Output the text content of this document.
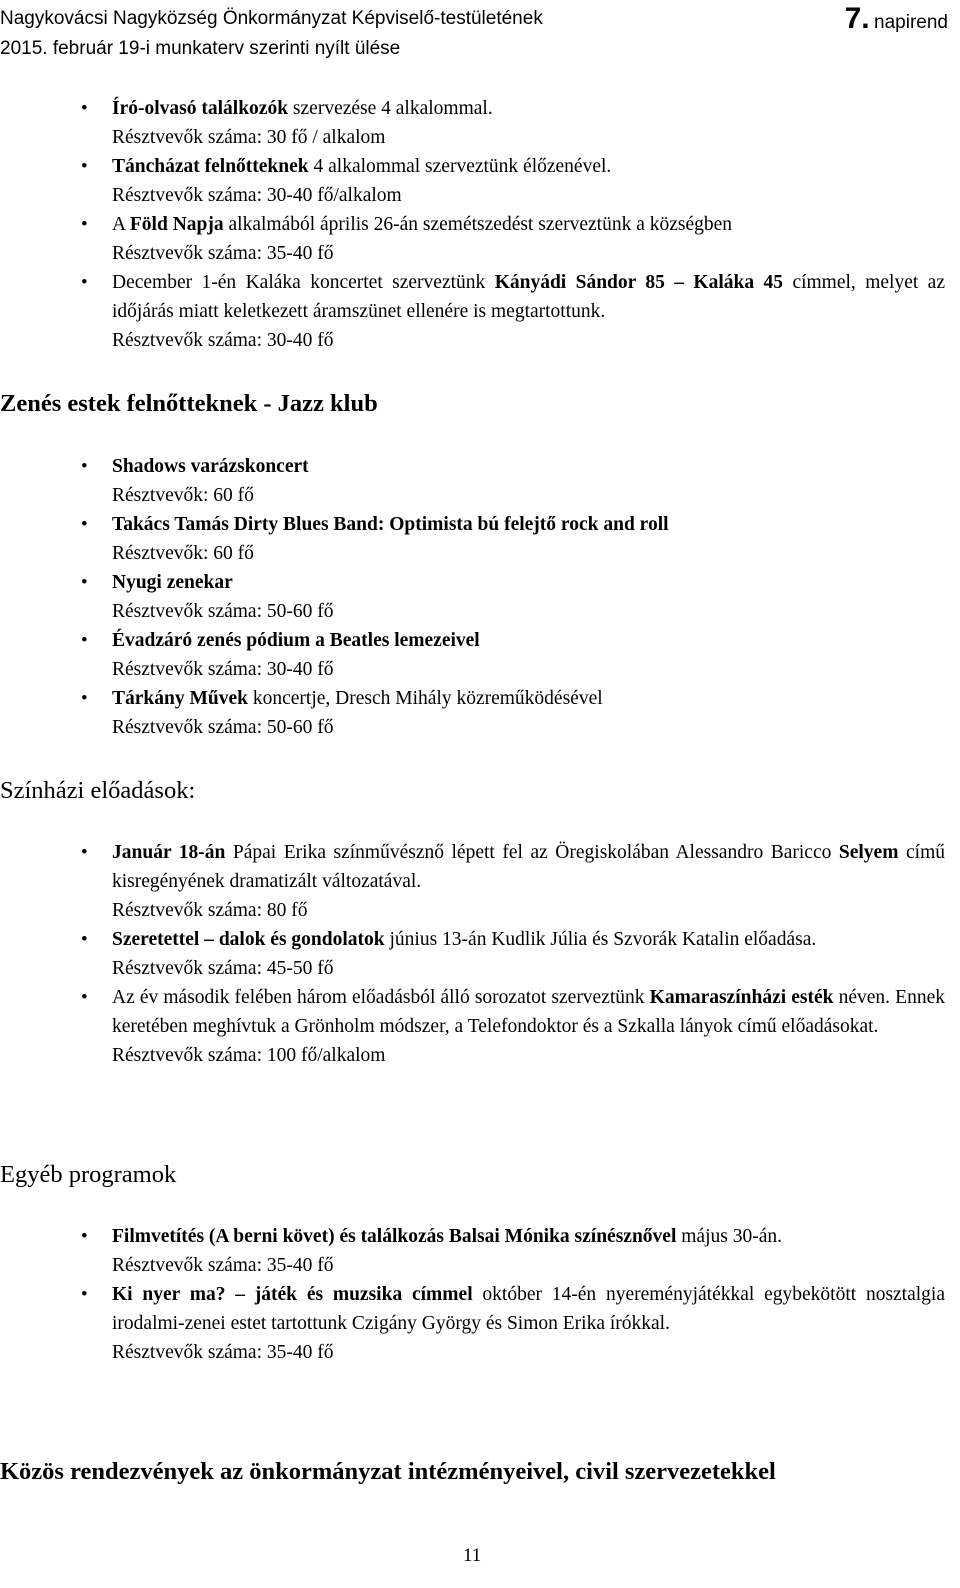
Nagykovácsi Nagyközség Önkormányzat Képviselő-testületének
2015. február 19-i munkaterv szerinti nyílt ülése
7. napirend
• Író-olvasó találkozók szervezése 4 alkalommal.
Résztvevők száma: 30 fő / alkalom
• Táncházat felnőtteknek 4 alkalommal szerveztünk élőzenével.
Résztvevők száma: 30-40 fő/alkalom
• A Föld Napja alkalmából április 26-án szemétszedést szerveztünk a községben
Résztvevők száma: 35-40 fő
• December 1-én Kaláka koncertet szerveztünk Kányádi Sándor 85 – Kaláka 45 címmel, melyet az időjárás miatt keletkezett áramszünet ellenére is megtartottunk.
Résztvevők száma: 30-40 fő
Zenés estek felnőtteknek - Jazz klub
• Shadows varázskoncert
Résztvevők: 60 fő
• Takács Tamás Dirty Blues Band: Optimista bú felejtő rock and roll
Résztvevők: 60 fő
• Nyugi zenekar
Résztvevők száma: 50-60 fő
• Évadzáró zenés pódium a Beatles lemezeivel
Résztvevők száma: 30-40 fő
• Tárkány Művek koncertje, Dresch Mihály közreműködésével
Résztvevők száma: 50-60 fő
Színházi előadások:
• Január 18-án Pápai Erika színművésznő lépett fel az Öregiskolában Alessandro Baricco Selyem című kisregényének dramatizált változatával.
Résztvevők száma: 80 fő
• Szeretettel – dalok és gondolatok június 13-án Kudlik Júlia és Szvorák Katalin előadása.
Résztvevők száma: 45-50 fő
• Az év második felében három előadásból álló sorozatot szerveztünk Kamaraszínházi esték néven. Ennek keretében meghívtuk a Grönholm módszer, a Telefondoktor és a Szkalla lányok című előadásokat.
Résztvevők száma: 100 fő/alkalom
Egyéb programok
• Filmvetítés (A berni követ) és találkozás Balsai Mónika színésznővel május 30-án.
Résztvevők száma: 35-40 fő
• Ki nyer ma? – játék és muzsika címmel október 14-én nyereményjátékkal egybekötött nosztalgia irodalmi-zenei estet tartottunk Czigány György és Simon Erika írókkal.
Résztvevők száma: 35-40 fő
Közös rendezvények az önkormányzat intézményeivel, civil szervezetekkel
11
